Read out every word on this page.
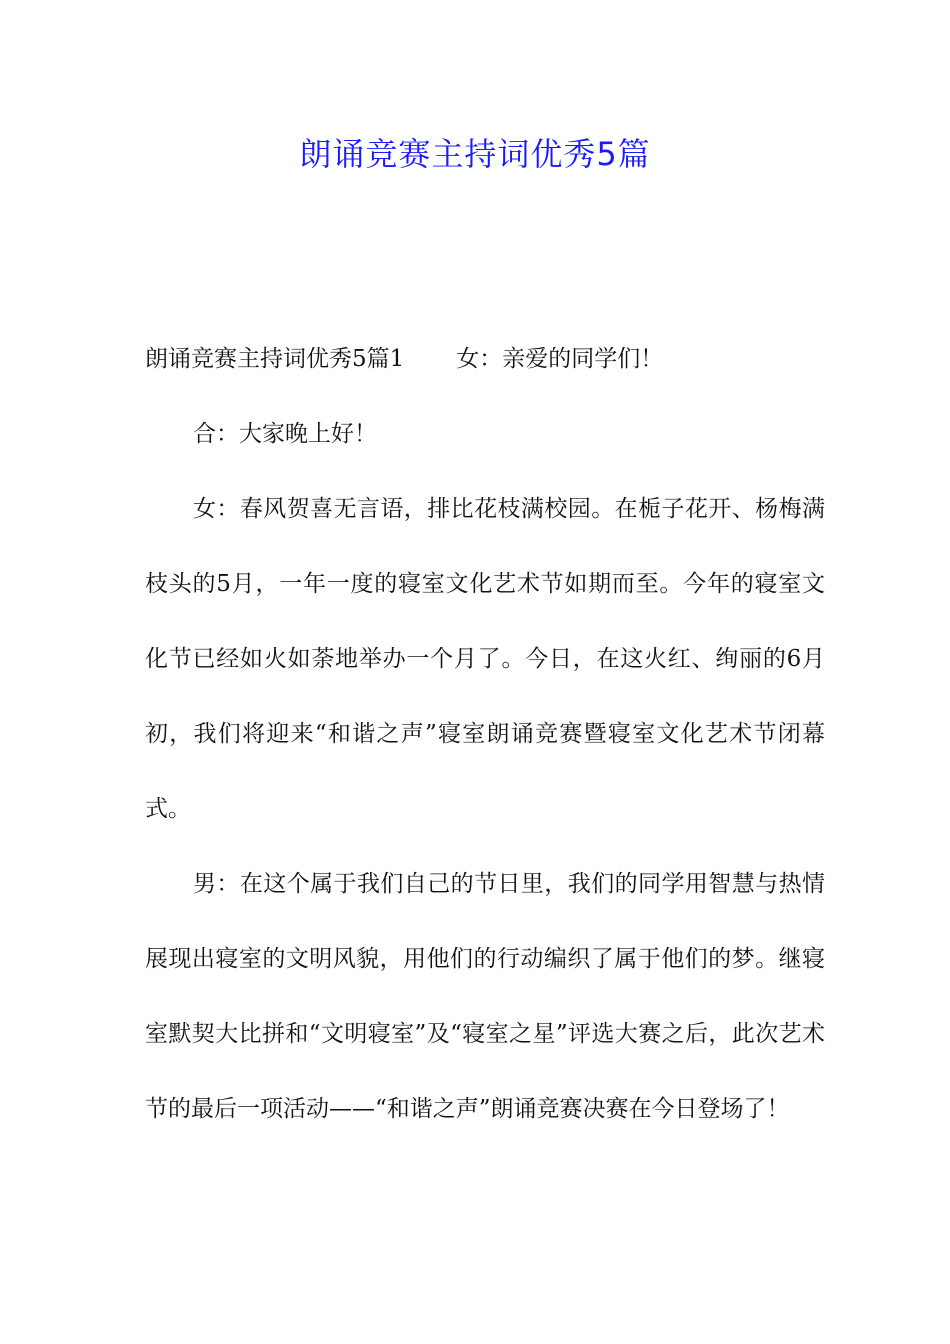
朗诵竞赛主持词优秀5篇

朗诵竞赛主持词优秀5篇1 女：亲爱的同学们！

合：大家晚上好！

女：春风贺喜无言语，排比花枝满校园。在栀子花开、杨梅满枝头的5月，一年一度的寝室文化艺术节如期而至。今年的寝室文化节已经如火如荼地举办一个月了。今日，在这火红、绚丽的6月初，我们将迎来“和谐之声”寝室朗诵竞赛暨寝室文化艺术节闭幕式。

男：在这个属于我们自己的节日里，我们的同学用智慧与热情展现出寝室的文明风貌，用他们的行动编织了属于他们的梦。继寝室默契大比拼和“文明寝室”及“寝室之星”评选大赛之后，此次艺术节的最后一项活动——“和谐之声”朗诵竞赛决赛在今日登场了！
